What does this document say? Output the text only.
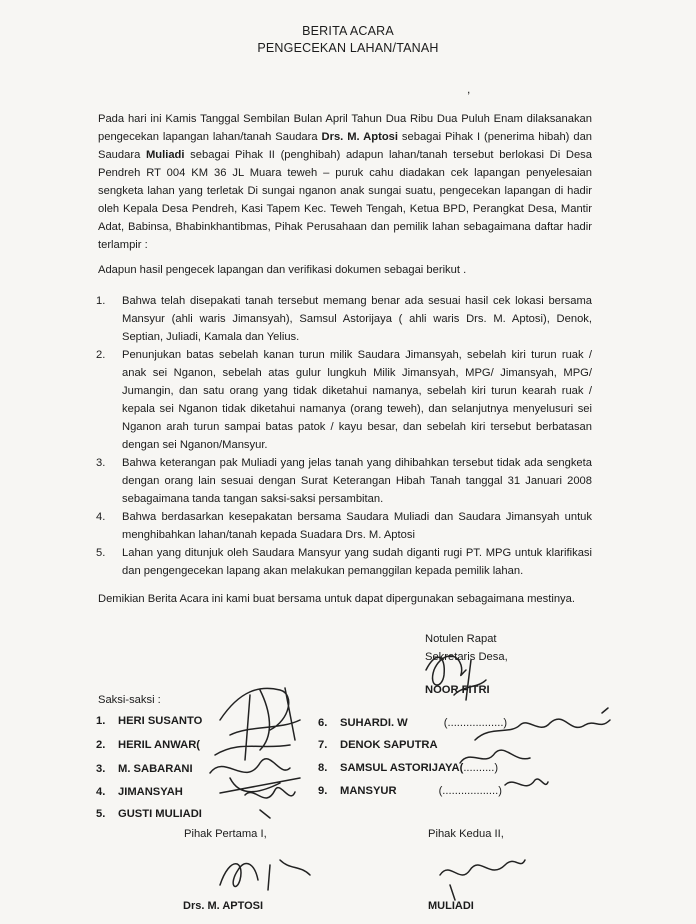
BERITA ACARA
PENGECEKAN LAHAN/TANAH
,
Pada hari ini Kamis Tanggal Sembilan Bulan April Tahun Dua Ribu Dua Puluh Enam dilaksanakan pengecekan lapangan lahan/tanah Saudara Drs. M. Aptosi sebagai Pihak I (penerima hibah) dan Saudara Muliadi sebagai Pihak II (penghibah) adapun lahan/tanah tersebut berlokasi Di Desa Pendreh RT 004 KM 36 JL Muara teweh – puruk cahu diadakan cek lapangan penyelesaian sengketa lahan yang terletak Di sungai nganon anak sungai suatu, pengecekan lapangan di hadir oleh Kepala Desa Pendreh, Kasi Tapem Kec. Teweh Tengah, Ketua BPD, Perangkat Desa, Mantir Adat, Babinsa, Bhabinkhantibmas, Pihak Perusahaan dan pemilik lahan sebagaimana daftar hadir terlampir :
Adapun hasil pengecek lapangan dan verifikasi dokumen sebagai berikut .
1. Bahwa telah disepakati tanah tersebut memang benar ada sesuai hasil cek lokasi bersama Mansyur (ahli waris Jimansyah), Samsul Astorijaya ( ahli waris Drs. M. Aptosi), Denok, Septian, Juliadi, Kamala dan Yelius.
2. Penunjukan batas sebelah kanan turun milik Saudara Jimansyah, sebelah kiri turun ruak / anak sei Nganon, sebelah atas gulur lungkuh Milik Jimansyah, MPG/ Jimansyah, MPG/ Jumangin, dan satu orang yang tidak diketahui namanya, sebelah kiri turun kearah ruak / kepala sei Nganon tidak diketahui namanya (orang teweh), dan selanjutnya menyelusuri sei Nganon arah turun sampai batas patok / kayu besar, dan sebelah kiri tersebut berbatasan dengan sei Nganon/Mansyur.
3. Bahwa keterangan pak Muliadi yang jelas tanah yang dihibahkan tersebut tidak ada sengketa dengan orang lain sesuai dengan Surat Keterangan Hibah Tanah tanggal 31 Januari 2008 sebagaimana tanda tangan saksi-saksi persambitan.
4. Bahwa berdasarkan kesepakatan bersama Saudara Muliadi dan Saudara Jimansyah untuk menghibahkan lahan/tanah kepada Suadara Drs. M. Aptosi
5. Lahan yang ditunjuk oleh Saudara Mansyur yang sudah diganti rugi PT. MPG untuk klarifikasi dan pengengecekan lapang akan melakukan pemanggilan kepada pemilik lahan.
Demikian Berita Acara ini kami buat bersama untuk dapat dipergunakan sebagaimana mestinya.
Notulen Rapat
Sekretaris Desa,
NOOR FITRI
Saksi-saksi :
1. HERI SUSANTO
2. HERIL ANWAR(
3. M. SABARANI
4. JIMANSYAH
5. GUSTI MULIADI
6. SUHARDI. W	(..................)
7. DENOK SAPUTRA
8. SAMSUL ASTORIJAYA(..........)
9. MANSYUR	(..................)
Pihak Pertama I,	Pihak Kedua II,
Drs. M. APTOSI	MULIADI
